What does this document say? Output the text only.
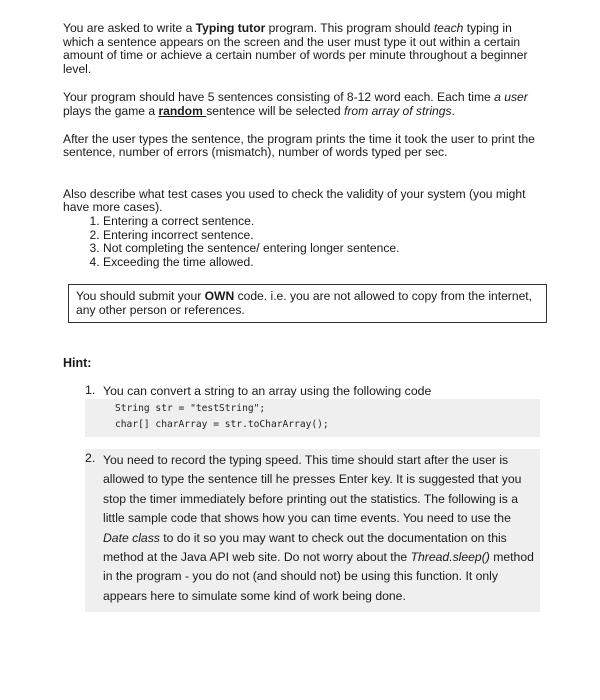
You are asked to write a Typing tutor program. This program should teach typing in which a sentence appears on the screen and the user must type it out within a certain amount of time or achieve a certain number of words per minute throughout a beginner level.

Your program should have 5 sentences consisting of 8-12 word each. Each time a user plays the game a random sentence will be selected from array of strings.

After the user types the sentence, the program prints the time it took the user to print the sentence, number of errors (mismatch), number of words typed per sec.

Also describe what test cases you used to check the validity of your system (you might have more cases).

1. Entering a correct sentence.
2. Entering incorrect sentence.
3. Not completing the sentence/ entering longer sentence.
4. Exceeding the time allowed.
You should submit your OWN code. i.e. you are not allowed to copy from the internet, any other person or references.
Hint:
1. You can convert a string to an array using the following code
String str = "testString";
char[] charArray = str.toCharArray();
2. You need to record the typing speed. This time should start after the user is allowed to type the sentence till he presses Enter key. It is suggested that you stop the timer immediately before printing out the statistics. The following is a little sample code that shows how you can time events. You need to use the Date class to do it so you may want to check out the documentation on this method at the Java API web site. Do not worry about the Thread.sleep() method in the program - you do not (and should not) be using this function. It only appears here to simulate some kind of work being done.
